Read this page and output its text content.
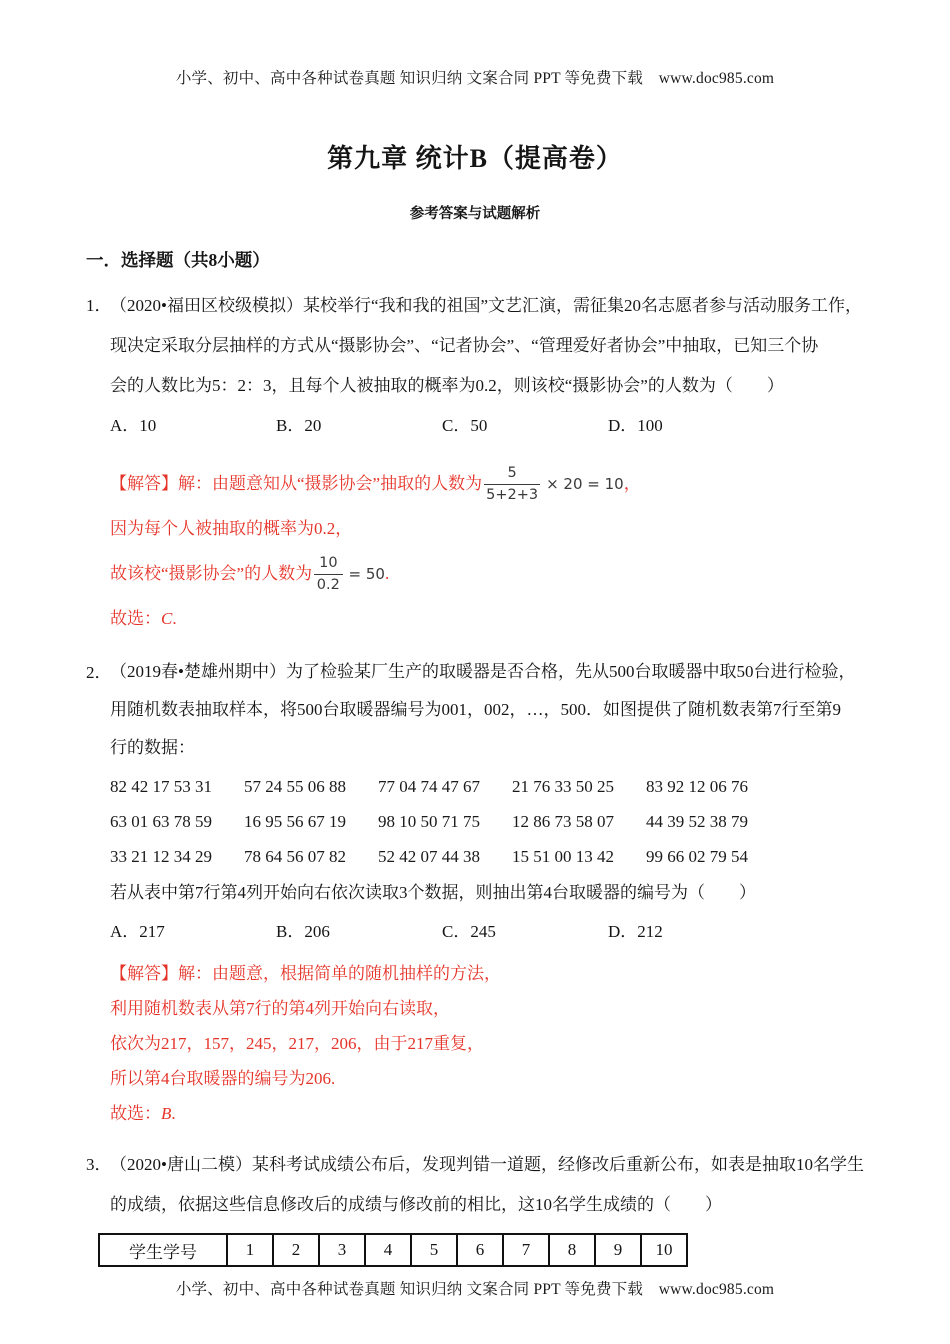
小学、初中、高中各种试卷真题 知识归纳 文案合同 PPT 等免费下载　www.doc985.com
第九章 统计B（提高卷）
参考答案与试题解析
一．选择题（共8小题）
1．
（2020•福田区校级模拟）某校举行“我和我的祖国”文艺汇演，需征集20名志愿者参与活动服务工作，
现决定采取分层抽样的方式从“摄影协会”、“记者协会”、“管理爱好者协会”中抽取，已知三个协
会的人数比为5：2：3，且每个人被抽取的概率为0.2，则该校“摄影协会”的人数为（　　）
A．10	B．20	C．50	D．100
【解答】解：由题意知从“摄影协会”抽取的人数为 $\frac{5}{5+2+3} \times 20 = 10$ ，
因为每个人被抽取的概率为0.2，
故该校“摄影协会”的人数为 $\frac{10}{0.2} = 50$ .
故选：C.
2．
（2019春•楚雄州期中）为了检验某厂生产的取暖器是否合格，先从500台取暖器中取50台进行检验，
用随机数表抽取样本，将500台取暖器编号为001，002，…，500．如图提供了随机数表第7行至第9
行的数据：
82 42 17 53 31	57 24 55 06 88	77 04 74 47 67	21 76 33 50 25	83 92 12 06 76
63 01 63 78 59	16 95 56 67 19	98 10 50 71 75	12 86 73 58 07	44 39 52 38 79
33 21 12 34 29	78 64 56 07 82	52 42 07 44 38	15 51 00 13 42	99 66 02 79 54
若从表中第7行第4列开始向右依次读取3个数据，则抽出第4台取暖器的编号为（　　）
A．217	B．206	C．245	D．212
【解答】解：由题意，根据简单的随机抽样的方法，
利用随机数表从第7行的第4列开始向右读取，
依次为217，157，245，217，206，由于217重复，
所以第4台取暖器的编号为206.
故选：B.
3．
（2020•唐山二模）某科考试成绩公布后，发现判错一道题，经修改后重新公布，如表是抽取10名学生
的成绩，依据这些信息修改后的成绩与修改前的相比，这10名学生成绩的（　　）
学生学号	1	2	3	4	5	6	7	8	9	10
小学、初中、高中各种试卷真题 知识归纳 文案合同 PPT 等免费下载　www.doc985.com
